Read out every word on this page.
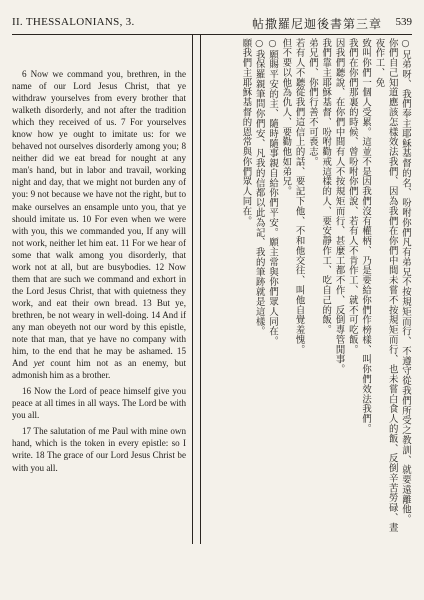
II. THESSALONIANS, 3.	帖撒羅尼迦後書第三章 539

6 Now we command you, brethren, in the name of our Lord Jesus Christ, that ye withdraw yourselves from every brother that walketh disorderly, and not after the tradition which they received of us. 7 For yourselves know how ye ought to imitate us: for we behaved not ourselves disorderly among you; 8 neither did we eat bread for nought at any man's hand, but in labor and travail, working night and day, that we might not burden any of you: 9 not because we have not the right, but to make ourselves an ensample unto you, that ye should imitate us. 10 For even when we were with you, this we commanded you, If any will not work, neither let him eat. 11 For we hear of some that walk among you disorderly, that work not at all, but are busybodies. 12 Now them that are such we command and exhort in the Lord Jesus Christ, that with quietness they work, and eat their own bread. 13 But ye, brethren, be not weary in well-doing. 14 And if any man obeyeth not our word by this epistle, note that man, that ye have no company with him, to the end that he may be ashamed. 15 And yet count him not as an enemy, but admonish him as a brother.

16 Now the Lord of peace himself give you peace at all times in all ways. The Lord be with you all.

17 The salutation of me Paul with mine own hand, which is the token in every epistle: so I write. 18 The grace of our Lord Jesus Christ be with you all.	○兄弟呀、我們奉主耶穌基督的名、吩咐你們凡有弟兄不按規矩而行、不遵守從我們所受之教訓、就要遠離他。

你們自己知道應該怎樣效法我們、因為我們在你們中間未嘗不按規矩而行、也未嘗白食人的飯、反倒辛苦勞碌、晝夜作工、免

致叫你們一個人受累。這並不是因我們沒有權柄、乃是要給你們作榜樣、叫你們效法我們。

我們在你們那裏的時候、曾吩咐你們說、若有人不肯作工、就不可吃飯。

因我們聽說、在你們中間有人不按規矩而行、甚麼工都不作、反倒專管閒事。

我們靠主耶穌基督、吩咐勸戒這樣的人、要安靜作工、吃自己的飯。

弟兄們、你們行善不可喪志。

若有人不聽從我們這信上的話、要記下他、不和他交往、叫他自覺羞愧。

但不要以他為仇人、要勸他如弟兄。

○願賜平安的主、隨時隨事親自給你們平安。願主常與你們眾人同在。

○我保羅親筆問你們安、凡我的信都以此為記、我的筆跡就是這樣。

願我們主耶穌基督的恩常與你們眾人同在。
